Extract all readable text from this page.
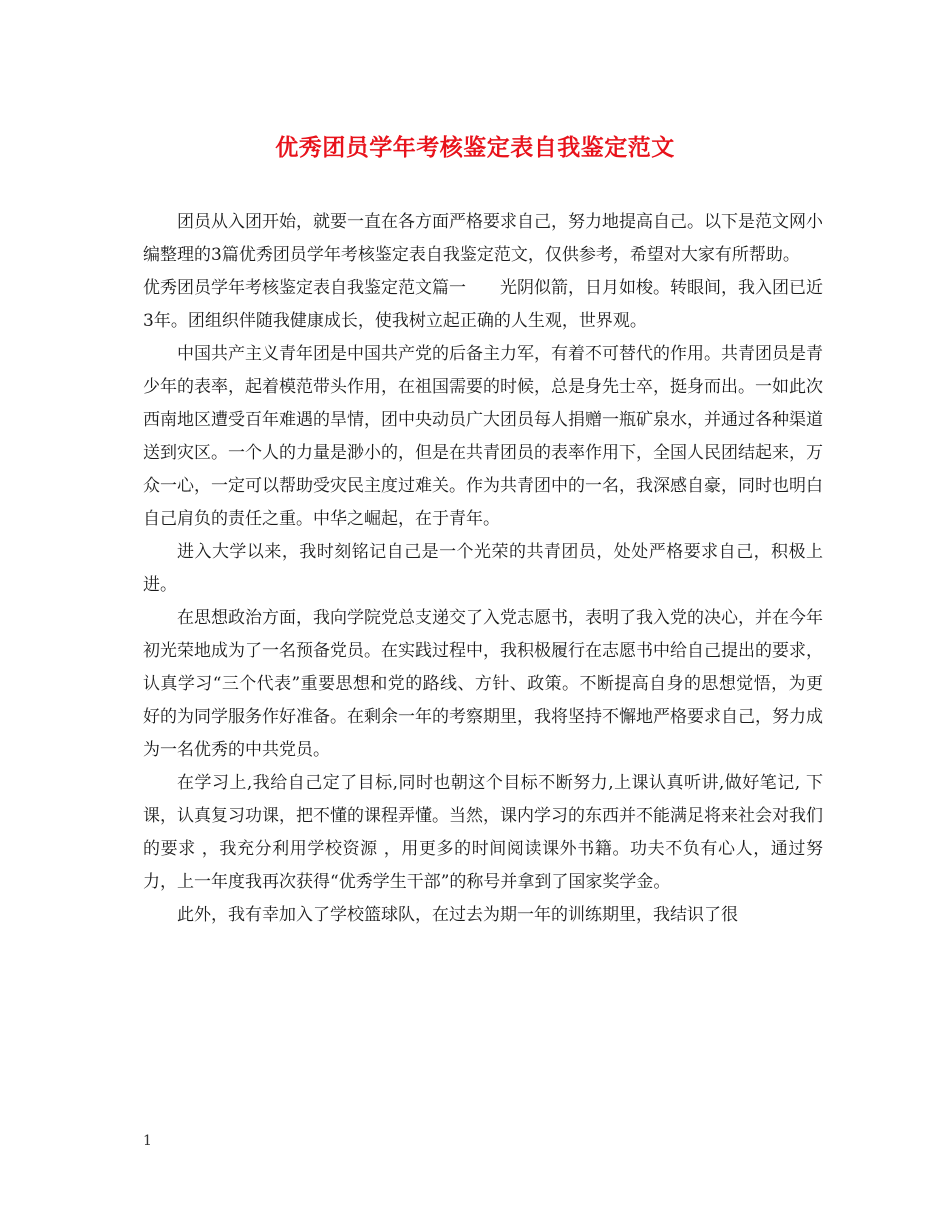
优秀团员学年考核鉴定表自我鉴定范文

团员从入团开始，就要一直在各方面严格要求自己，努力地提高自己。以下是范文网小编整理的3篇优秀团员学年考核鉴定表自我鉴定范文，仅供参考，希望对大家有所帮助。

优秀团员学年考核鉴定表自我鉴定范文篇一　　光阴似箭，日月如梭。转眼间，我入团已近3年。团组织伴随我健康成长，使我树立起正确的人生观，世界观。

中国共产主义青年团是中国共产党的后备主力军，有着不可替代的作用。共青团员是青少年的表率，起着模范带头作用，在祖国需要的时候，总是身先士卒，挺身而出。一如此次西南地区遭受百年难遇的旱情，团中央动员广大团员每人捐赠一瓶矿泉水，并通过各种渠道送到灾区。一个人的力量是渺小的，但是在共青团员的表率作用下，全国人民团结起来，万众一心，一定可以帮助受灾民主度过难关。作为共青团中的一名，我深感自豪，同时也明白自己肩负的责任之重。中华之崛起，在于青年。

进入大学以来，我时刻铭记自己是一个光荣的共青团员，处处严格要求自己，积极上进。

在思想政治方面，我向学院党总支递交了入党志愿书，表明了我入党的决心，并在今年初光荣地成为了一名预备党员。在实践过程中，我积极履行在志愿书中给自己提出的要求，认真学习“三个代表”重要思想和党的路线、方针、政策。不断提高自身的思想觉悟，为更好的为同学服务作好准备。在剩余一年的考察期里，我将坚持不懈地严格要求自己，努力成为一名优秀的中共党员。

在学习上,我给自己定了目标,同时也朝这个目标不断努力,上课认真听讲,做好笔记, 下课，认真复习功课，把不懂的课程弄懂。当然，课内学习的东西并不能满足将来社会对我们的要求 ，我充分利用学校资源 ，用更多的时间阅读课外书籍。功夫不负有心人，通过努力，上一年度我再次获得“优秀学生干部”的称号并拿到了国家奖学金。

此外，我有幸加入了学校篮球队，在过去为期一年的训练期里，我结识了很

1
